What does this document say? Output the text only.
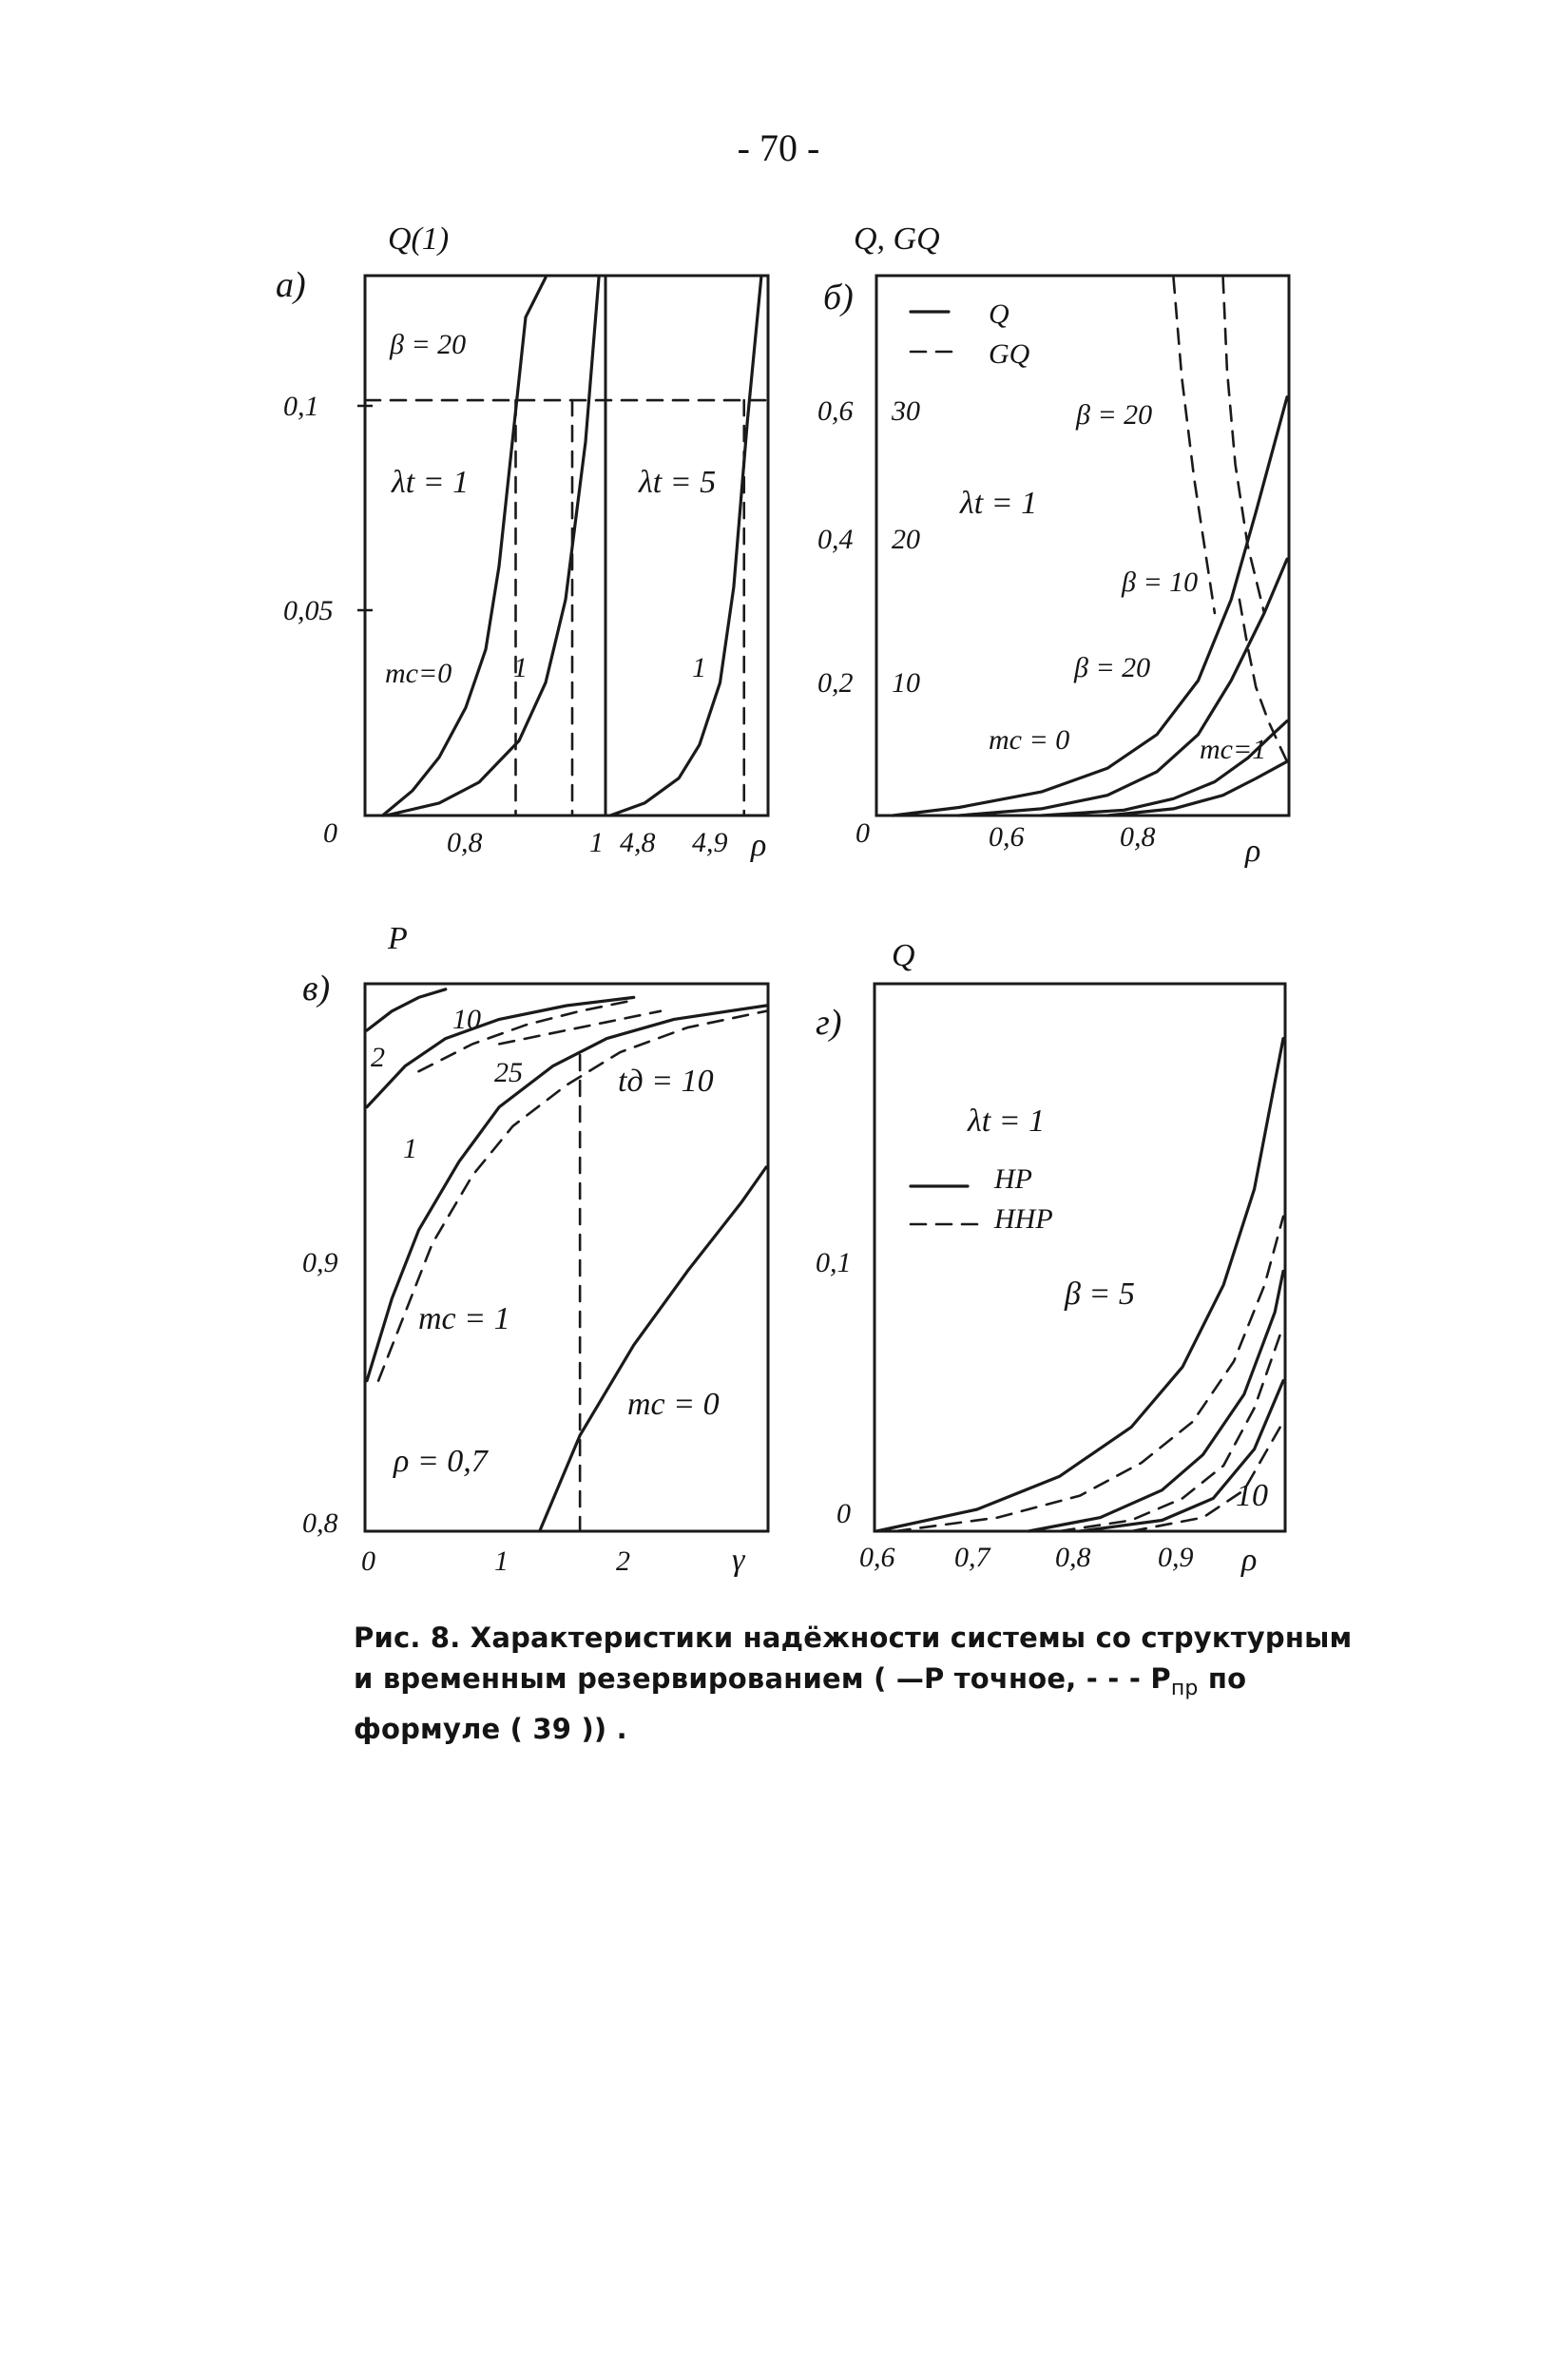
- 70 -
а)
Q(1)
0,1
0,05
0	0,8	1 4,8 4,9 ρ
β = 20
λt = 1	λt = 5
mc=0 1	1
б)
Q, GQ
0,6
0,4
0,2
0
30
20
10
0,6	0,8	ρ
Q
GQ
λt = 1
β = 20
β = 10
β = 20
mc = 0	mc=1
в)
P
0,9
0,8
0	1	2	γ
10
2	25	tд = 10
1
mc = 1
mc = 0
ρ = 0,7
г)
Q
0,1
0
0,6 0,7 0,8 0,9 ρ
λt = 1
НР
ННР
β = 5
10
Рис. 8. Характеристики надёжности системы со структурным
и временным резервированием ( —P точное, - - - $P_{пр}$ по
формуле ( 39 )) .
